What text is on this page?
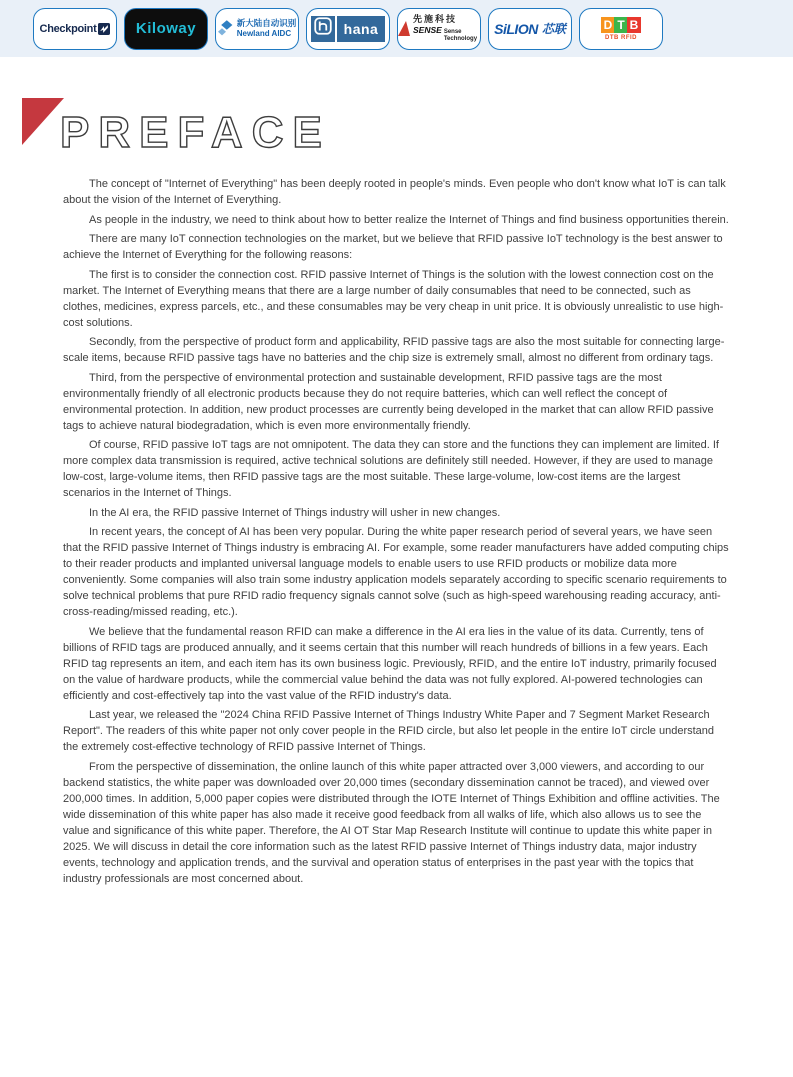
Checkpoint	Kiloway	新大陆自动识别
Newland AIDC	hana
先施科技
SENSE Sense Technology
SiLION 芯联	D T B
DTB RFID
PREFACE

The concept of "Internet of Everything" has been deeply rooted in people's minds. Even people who don't know what IoT is can talk about the vision of the Internet of Everything.

As people in the industry, we need to think about how to better realize the Internet of Things and find business opportunities therein.

There are many IoT connection technologies on the market, but we believe that RFID passive IoT technology is the best answer to achieve the Internet of Everything for the following reasons:

The first is to consider the connection cost. RFID passive Internet of Things is the solution with the lowest connection cost on the market. The Internet of Everything means that there are a large number of daily consumables that need to be connected, such as clothes, medicines, express parcels, etc., and these consumables may be very cheap in unit price. It is obviously unrealistic to use high-cost solutions.

Secondly, from the perspective of product form and applicability, RFID passive tags are also the most suitable for connecting large-scale items, because RFID passive tags have no batteries and the chip size is extremely small, almost no different from ordinary tags.

Third, from the perspective of environmental protection and sustainable development, RFID passive tags are the most environmentally friendly of all electronic products because they do not require batteries, which can well reflect the concept of environmental protection. In addition, new product processes are currently being developed in the market that can allow RFID passive tags to achieve natural biodegradation, which is even more environmentally friendly.

Of course, RFID passive IoT tags are not omnipotent. The data they can store and the functions they can implement are limited. If more complex data transmission is required, active technical solutions are definitely still needed. However, if they are used to manage low-cost, large-volume items, then RFID passive tags are the most suitable. These large-volume, low-cost items are the largest scenarios in the Internet of Things.

In the AI era, the RFID passive Internet of Things industry will usher in new changes.

In recent years, the concept of AI has been very popular. During the white paper research period of several years, we have seen that the RFID passive Internet of Things industry is embracing AI. For example, some reader manufacturers have added computing chips to their reader products and implanted universal language models to enable users to use RFID products or mobilize data more conveniently. Some companies will also train some industry application models separately according to specific scenario requirements to solve technical problems that pure RFID radio frequency signals cannot solve (such as high-speed warehousing reading accuracy, anti-cross-reading/missed reading, etc.).

We believe that the fundamental reason RFID can make a difference in the AI era lies in the value of its data. Currently, tens of billions of RFID tags are produced annually, and it seems certain that this number will reach hundreds of billions in a few years. Each RFID tag represents an item, and each item has its own business logic. Previously, RFID, and the entire IoT industry, primarily focused on the value of hardware products, while the commercial value behind the data was not fully explored. AI-powered technologies can efficiently and cost-effectively tap into the vast value of the RFID industry's data.

Last year, we released the "2024 China RFID Passive Internet of Things Industry White Paper and 7 Segment Market Research Report". The readers of this white paper not only cover people in the RFID circle, but also let people in the entire IoT circle understand the extremely cost-effective technology of RFID passive Internet of Things.

From the perspective of dissemination, the online launch of this white paper attracted over 3,000 viewers, and according to our backend statistics, the white paper was downloaded over 20,000 times (secondary dissemination cannot be traced), and viewed over 200,000 times. In addition, 5,000 paper copies were distributed through the IOTE Internet of Things Exhibition and offline activities. The wide dissemination of this white paper has also made it receive good feedback from all walks of life, which also allows us to see the value and significance of this white paper. Therefore, the AI OT Star Map Research Institute will continue to update this white paper in 2025. We will discuss in detail the core information such as the latest RFID passive Internet of Things industry data, major industry events, technology and application trends, and the survival and operation status of enterprises in the past year with the topics that industry professionals are most concerned about.
